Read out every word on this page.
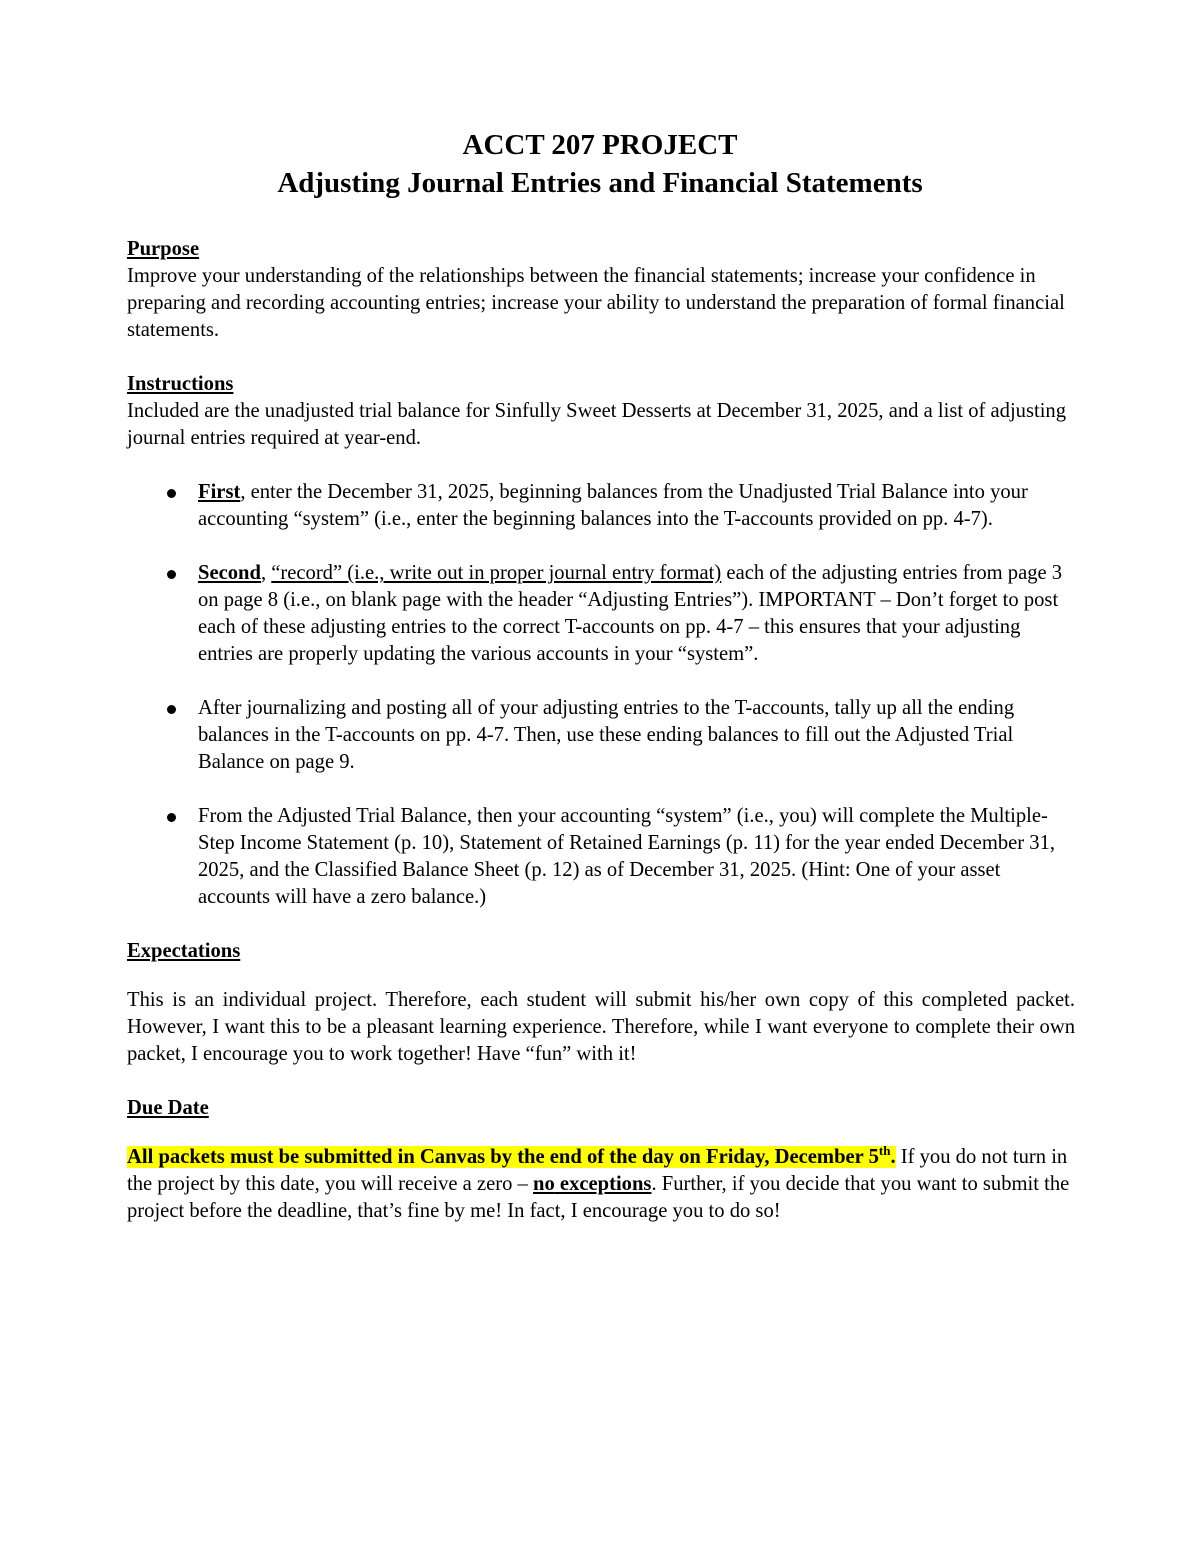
ACCT 207 PROJECT
Adjusting Journal Entries and Financial Statements
Purpose

Improve your understanding of the relationships between the financial statements; increase your confidence in preparing and recording accounting entries; increase your ability to understand the preparation of formal financial statements.

Instructions

Included are the unadjusted trial balance for Sinfully Sweet Desserts at December 31, 2025, and a list of adjusting journal entries required at year-end.

First, enter the December 31, 2025, beginning balances from the Unadjusted Trial Balance into your accounting “system” (i.e., enter the beginning balances into the T-accounts provided on pp. 4-7).
Second, “record” (i.e., write out in proper journal entry format) each of the adjusting entries from page 3 on page 8 (i.e., on blank page with the header “Adjusting Entries”). IMPORTANT – Don’t forget to post each of these adjusting entries to the correct T-accounts on pp. 4-7 – this ensures that your adjusting entries are properly updating the various accounts in your “system”.
After journalizing and posting all of your adjusting entries to the T-accounts, tally up all the ending balances in the T-accounts on pp. 4-7. Then, use these ending balances to fill out the Adjusted Trial Balance on page 9.
From the Adjusted Trial Balance, then your accounting “system” (i.e., you) will complete the Multiple-Step Income Statement (p. 10), Statement of Retained Earnings (p. 11) for the year ended December 31, 2025, and the Classified Balance Sheet (p. 12) as of December 31, 2025. (Hint: One of your asset accounts will have a zero balance.)
Expectations

This is an individual project. Therefore, each student will submit his/her own copy of this completed packet. However, I want this to be a pleasant learning experience. Therefore, while I want everyone to complete their own packet, I encourage you to work together! Have “fun” with it!

Due Date

All packets must be submitted in Canvas by the end of the day on Friday, December 5th. If you do not turn in the project by this date, you will receive a zero – no exceptions. Further, if you decide that you want to submit the project before the deadline, that’s fine by me! In fact, I encourage you to do so!
